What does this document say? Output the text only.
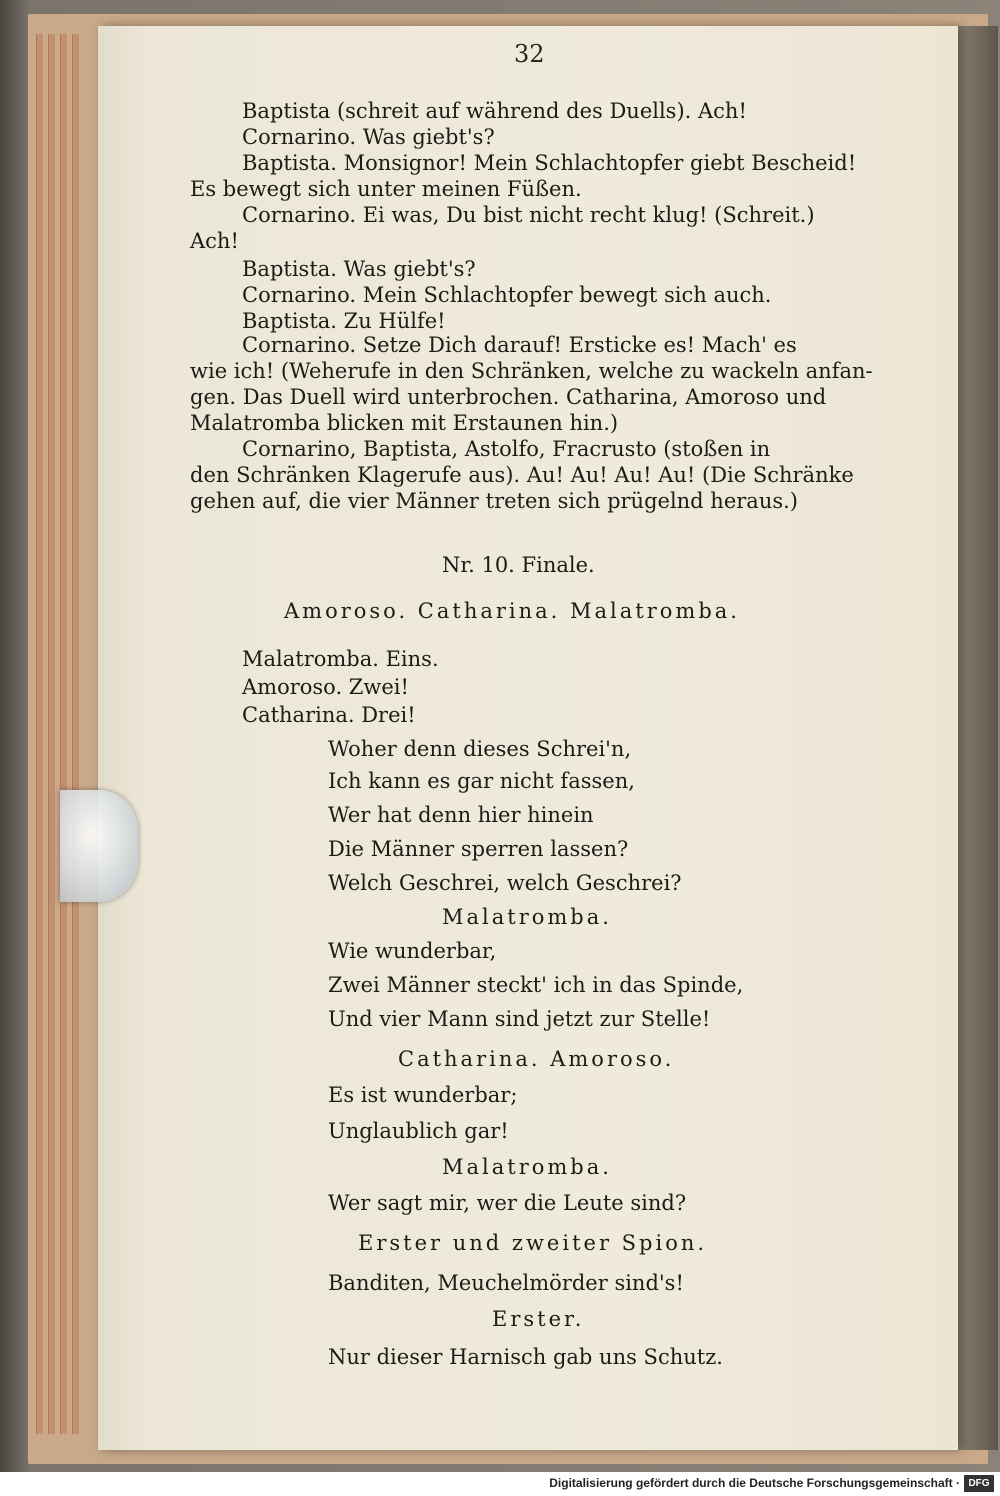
32
Baptista (schreit auf während des Duells). Ach!
Cornarino. Was giebt's?
Baptista. Monsignor! Mein Schlachtopfer giebt Bescheid!
Es bewegt sich unter meinen Füßen.
Cornarino. Ei was, Du bist nicht recht klug! (Schreit.)
Ach!
Baptista. Was giebt's?
Cornarino. Mein Schlachtopfer bewegt sich auch.
Baptista. Zu Hülfe!
Cornarino. Setze Dich darauf! Ersticke es! Mach' es
wie ich! (Weherufe in den Schränken, welche zu wackeln anfan-
gen. Das Duell wird unterbrochen. Catharina, Amoroso und
Malatromba blicken mit Erstaunen hin.)
Cornarino, Baptista, Astolfo, Fracrusto (stoßen in
den Schränken Klagerufe aus). Au! Au! Au! Au! (Die Schränke
gehen auf, die vier Männer treten sich prügelnd heraus.)
Nr. 10. Finale.
Amoroso. Catharina. Malatromba.
Malatromba. Eins.
Amoroso. Zwei!
Catharina. Drei!
Woher denn dieses Schrei'n,
Ich kann es gar nicht fassen,
Wer hat denn hier hinein
Die Männer sperren lassen?
Welch Geschrei, welch Geschrei?
Malatromba.
Wie wunderbar,
Zwei Männer steckt' ich in das Spinde,
Und vier Mann sind jetzt zur Stelle!
Catharina. Amoroso.
Es ist wunderbar;
Unglaublich gar!
Malatromba.
Wer sagt mir, wer die Leute sind?
Erster und zweiter Spion.
Banditen, Meuchelmörder sind's!
Erster.
Nur dieser Harnisch gab uns Schutz.
Digitalisierung gefördert durch die Deutsche Forschungsgemeinschaft · DFG
